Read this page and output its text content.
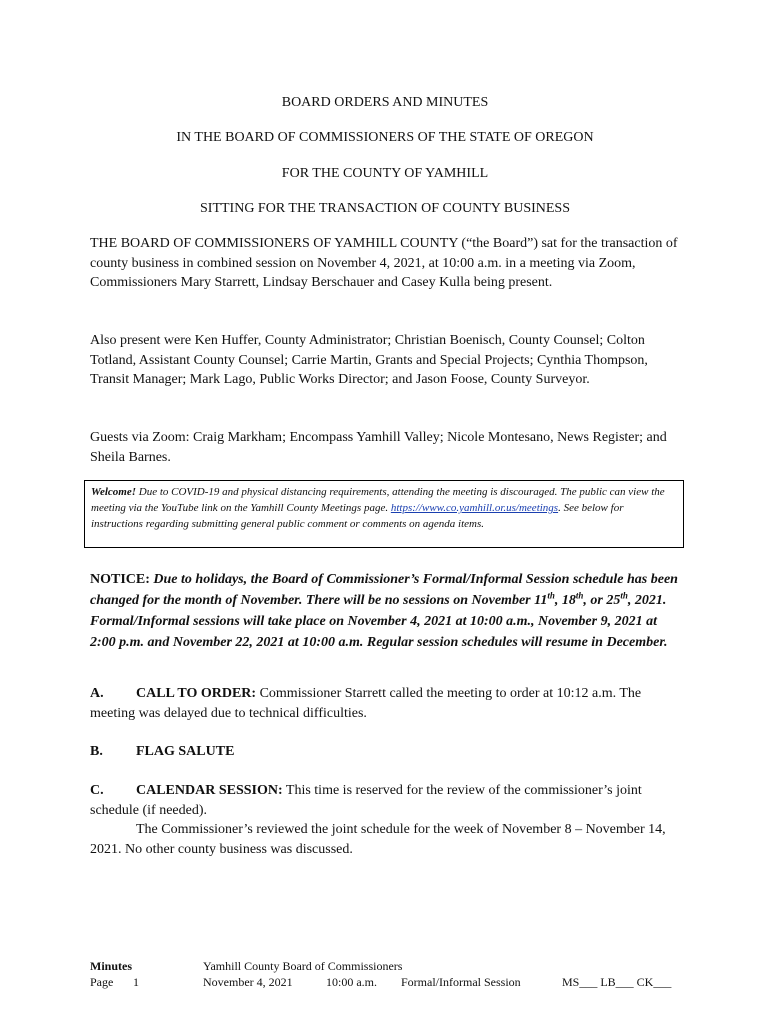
BOARD ORDERS AND MINUTES
IN THE BOARD OF COMMISSIONERS OF THE STATE OF OREGON
FOR THE COUNTY OF YAMHILL
SITTING FOR THE TRANSACTION OF COUNTY BUSINESS
THE BOARD OF COMMISSIONERS OF YAMHILL COUNTY (“the Board”) sat for the transaction of county business in combined session on November 4, 2021, at 10:00 a.m. in a meeting via Zoom, Commissioners Mary Starrett, Lindsay Berschauer and Casey Kulla being present.
Also present were Ken Huffer, County Administrator; Christian Boenisch, County Counsel; Colton Totland, Assistant County Counsel; Carrie Martin, Grants and Special Projects; Cynthia Thompson, Transit Manager; Mark Lago, Public Works Director; and Jason Foose, County Surveyor.
Guests via Zoom: Craig Markham; Encompass Yamhill Valley; Nicole Montesano, News Register; and Sheila Barnes.
Welcome! Due to COVID-19 and physical distancing requirements, attending the meeting is discouraged. The public can view the meeting via the YouTube link on the Yamhill County Meetings page. https://www.co.yamhill.or.us/meetings. See below for instructions regarding submitting general public comment or comments on agenda items.
NOTICE: Due to holidays, the Board of Commissioner’s Formal/Informal Session schedule has been changed for the month of November. There will be no sessions on November 11th, 18th, or 25th, 2021. Formal/Informal sessions will take place on November 4, 2021 at 10:00 a.m., November 9, 2021 at 2:00 p.m. and November 22, 2021 at 10:00 a.m. Regular session schedules will resume in December.
A. CALL TO ORDER: Commissioner Starrett called the meeting to order at 10:12 a.m. The meeting was delayed due to technical difficulties.
B. FLAG SALUTE
C. CALENDAR SESSION: This time is reserved for the review of the commissioner’s joint schedule (if needed).
The Commissioner’s reviewed the joint schedule for the week of November 8 – November 14, 2021. No other county business was discussed.
Minutes
Page 1
Yamhill County Board of Commissioners
November 4, 2021	10:00 a.m. Formal/Informal Session	MS___ LB___ CK___
